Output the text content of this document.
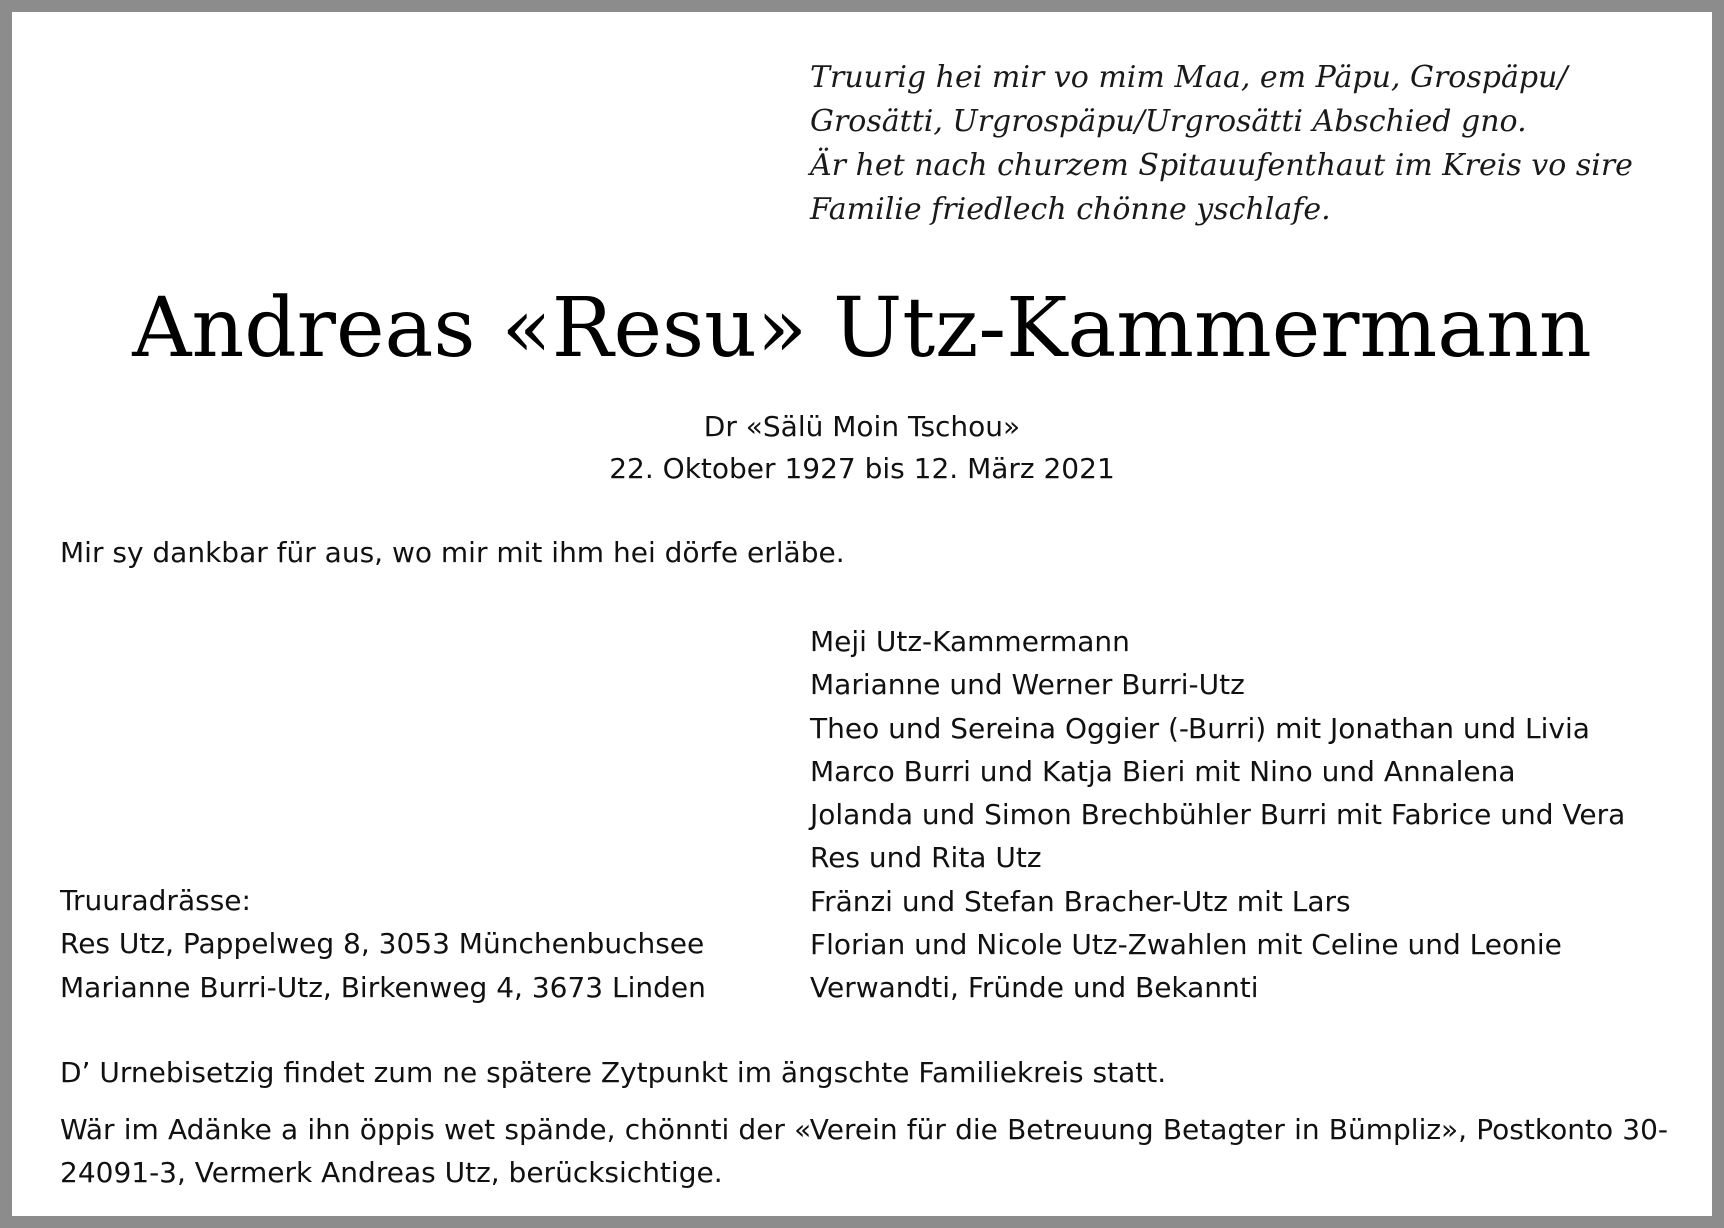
Truurig hei mir vo mim Maa, em Päpu, Grospäpu/
Grosätti, Urgrospäpu/Urgrosätti Abschied gno.
Är het nach churzem Spitauufenthaut im Kreis vo sire
Familie friedlech chönne yschlafe.
Andreas «Resu» Utz-Kammermann
Dr «Sälü Moin Tschou»
22. Oktober 1927 bis 12. März 2021
Mir sy dankbar für aus, wo mir mit ihm hei dörfe erläbe.
Meji Utz-Kammermann
Marianne und Werner Burri-Utz
Theo und Sereina Oggier (-Burri) mit Jonathan und Livia
Marco Burri und Katja Bieri mit Nino und Annalena
Jolanda und Simon Brechbühler Burri mit Fabrice und Vera
Res und Rita Utz
Fränzi und Stefan Bracher-Utz mit Lars
Florian und Nicole Utz-Zwahlen mit Celine und Leonie
Verwandti, Fründe und Bekannti
Truuradrässe:
Res Utz, Pappelweg 8, 3053 Münchenbuchsee
Marianne Burri-Utz, Birkenweg 4, 3673 Linden
D’ Urnebisetzig findet zum ne spätere Zytpunkt im ängschte Familiekreis statt.
Wär im Adänke a ihn öppis wet spände, chönnti der «Verein für die Betreuung Betagter in Bümpliz», Postkonto 30-24091-3, Vermerk Andreas Utz, berücksichtige.
